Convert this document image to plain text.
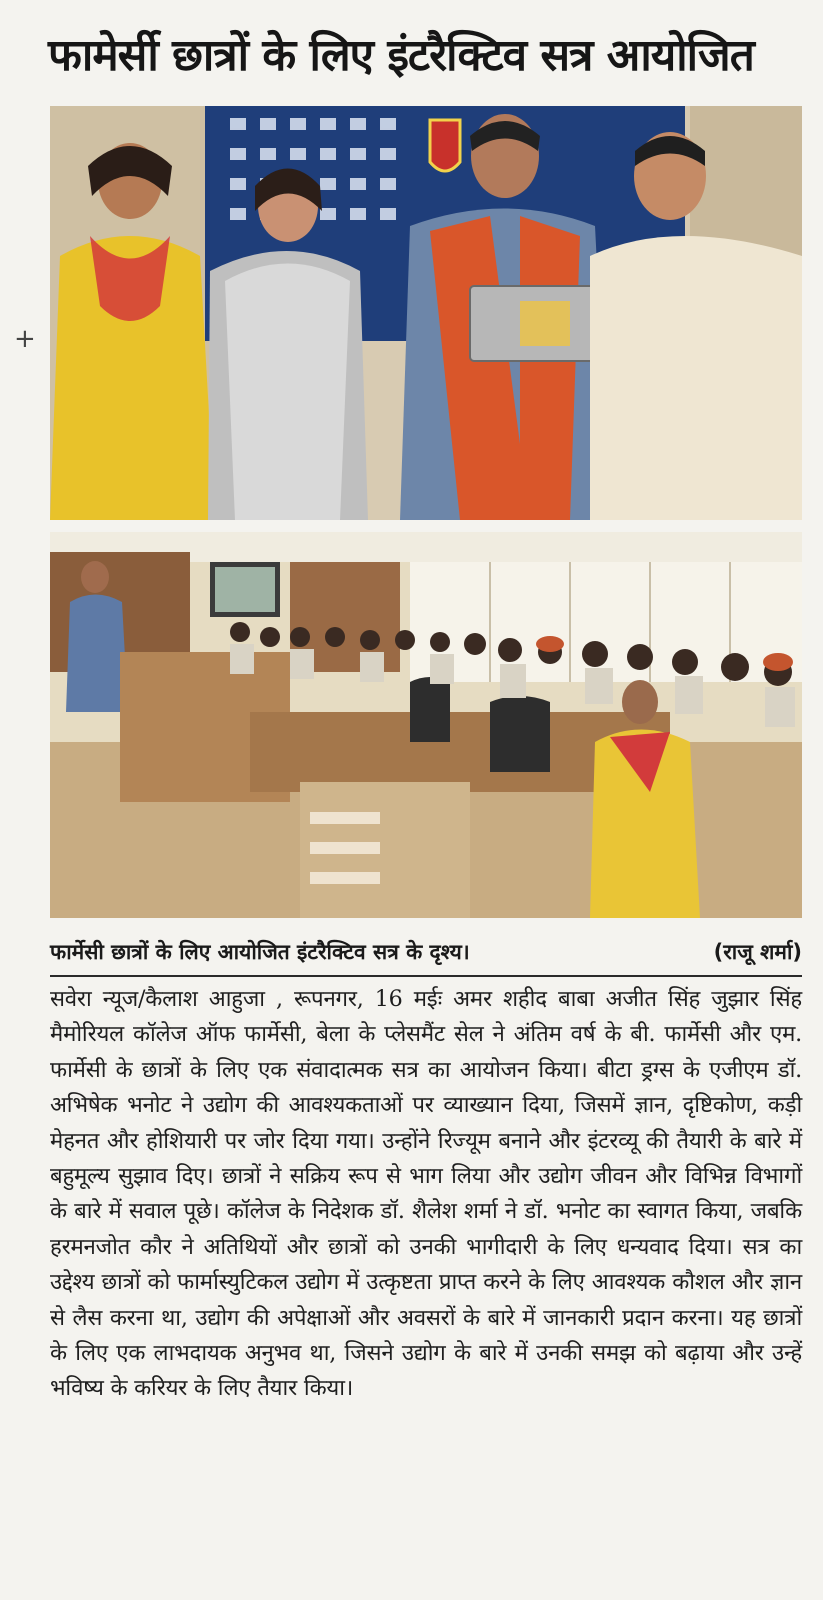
फामेर्सी छात्रों के लिए इंटरैक्टिव सत्र आयोजित
+
फार्मेसी छात्रों के लिए आयोजित इंटरैक्टिव सत्र के दृश्य।	(राजू शर्मा)

सवेरा न्यूज/कैलाश आहुजा , रूपनगर, 16 मईः अमर शहीद बाबा अजीत सिंह जुझार सिंह मैमोरियल कॉलेज ऑफ फार्मेसी, बेला के प्लेसमैंट सेल ने अंतिम वर्ष के बी. फार्मेसी और एम. फार्मेसी के छात्रों के लिए एक संवादात्मक सत्र का आयोजन किया। बीटा ड्रग्स के एजीएम डॉ. अभिषेक भनोट ने उद्योग की आवश्यकताओं पर व्याख्यान दिया, जिसमें ज्ञान, दृष्टिकोण, कड़ी मेहनत और होशियारी पर जोर दिया गया। उन्होंने रिज्यूम बनाने और इंटरव्यू की तैयारी के बारे में बहुमूल्य सुझाव दिए। छात्रों ने सक्रिय रूप से भाग लिया और उद्योग जीवन और विभिन्न विभागों के बारे में सवाल पूछे। कॉलेज के निदेशक डॉ. शैलेश शर्मा ने डॉ. भनोट का स्वागत किया, जबकि हरमनजोत कौर ने अतिथियों और छात्रों को उनकी भागीदारी के लिए धन्यवाद दिया। सत्र का उद्देश्य छात्रों को फार्मास्युटिकल उद्योग में उत्कृष्टता प्राप्त करने के लिए आवश्यक कौशल और ज्ञान से लैस करना था, उद्योग की अपेक्षाओं और अवसरों के बारे में जानकारी प्रदान करना। यह छात्रों के लिए एक लाभदायक अनुभव था, जिसने उद्योग के बारे में उनकी समझ को बढ़ाया और उन्हें भविष्य के करियर के लिए तैयार किया।
